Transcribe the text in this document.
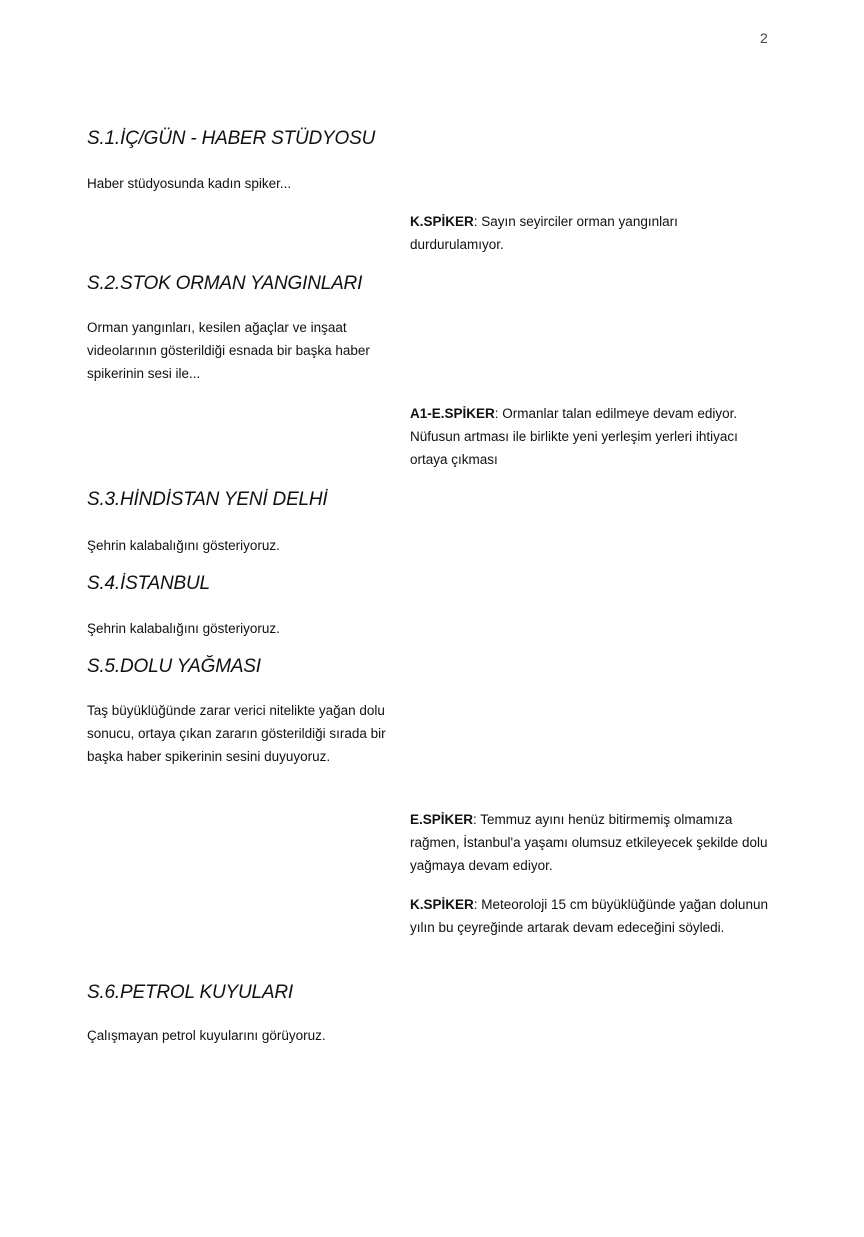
2
S.1.İÇ/GÜN - HABER STÜDYOSU
Haber stüdyosunda kadın spiker...
K.SPİKER: Sayın seyirciler orman yangınları durdurulamıyor.
S.2.STOK ORMAN YANGINLARI
Orman yangınları, kesilen ağaçlar ve inşaat videolarının gösterildiği esnada bir başka haber spikerinin sesi ile...
A1-E.SPİKER: Ormanlar talan edilmeye devam ediyor. Nüfusun artması ile birlikte yeni yerleşim yerleri ihtiyacı ortaya çıkması
S.3.HİNDİSTAN YENİ DELHİ
Şehrin kalabalığını gösteriyoruz.
S.4.İSTANBUL
Şehrin kalabalığını gösteriyoruz.
S.5.DOLU YAĞMASI
Taş büyüklüğünde zarar verici nitelikte yağan dolu sonucu, ortaya çıkan zararın gösterildiği sırada bir başka haber spikerinin sesini duyuyoruz.
E.SPİKER: Temmuz ayını henüz bitirmemiş olmamıza rağmen, İstanbul'a yaşamı olumsuz etkileyecek şekilde dolu yağmaya devam ediyor.
K.SPİKER: Meteoroloji 15 cm büyüklüğünde yağan dolunun yılın bu çeyreğinde artarak devam edeceğini söyledi.
S.6.PETROL KUYULARI
Çalışmayan petrol kuyularını görüyoruz.
